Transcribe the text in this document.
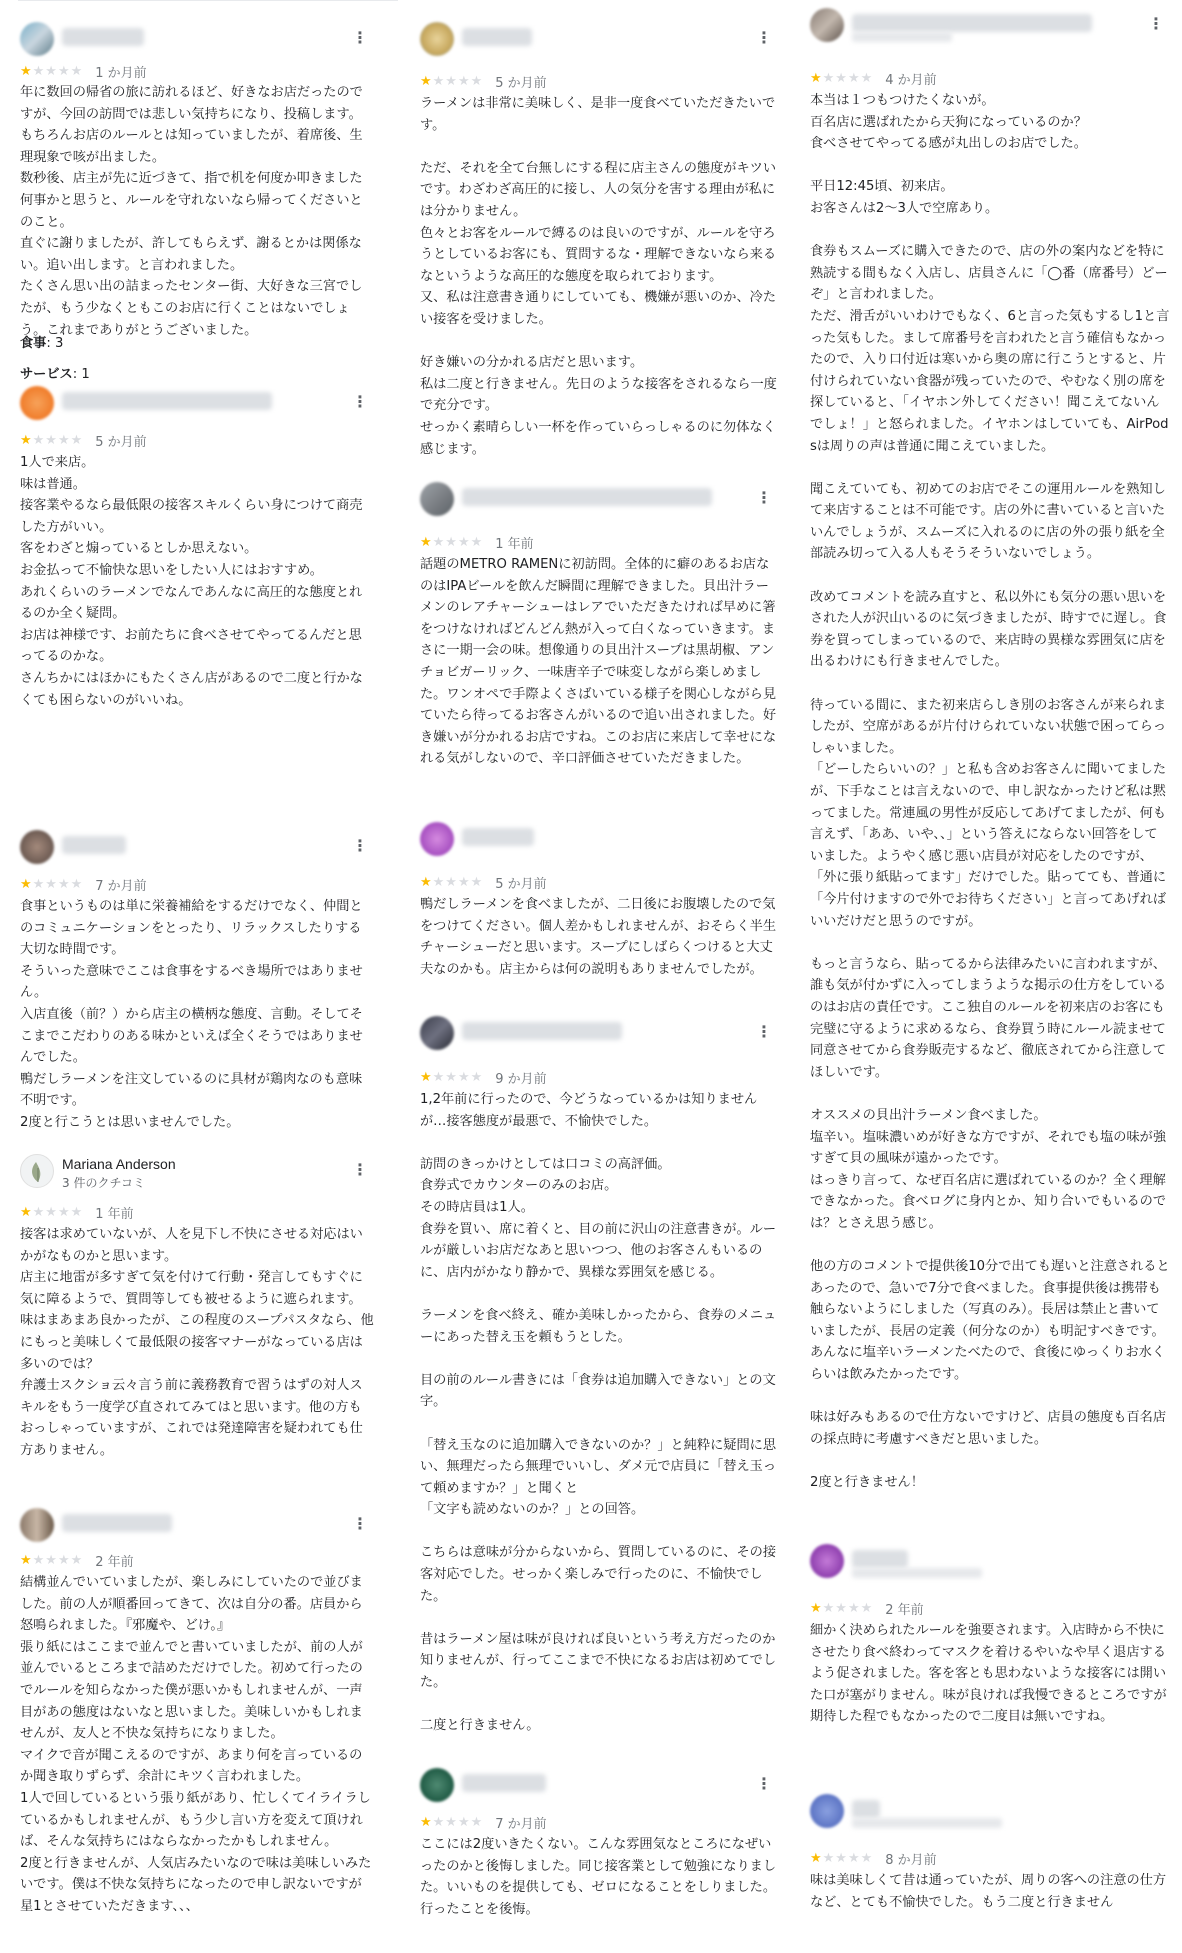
⋮
★★★★★ 1 か月前
年に数回の帰省の旅に訪れるほど、好きなお店だったのですが、今回の訪問では悲しい気持ちになり、投稿します。
もちろんお店のルールとは知っていましたが、着席後、生理現象で咳が出ました。
数秒後、店主が先に近づきて、指で机を何度か叩きました
何事かと思うと、ルールを守れないなら帰ってくださいとのこと。
直ぐに謝りましたが、許してもらえず、謝るとかは関係ない。追い出します。と言われました。
たくさん思い出の詰まったセンター街、大好きな三宮でしたが、もう少なくともこのお店に行くことはないでしょう。これまでありがとうございました。
食事: 3
サービス: 1
⋮
★★★★★ 5 か月前
1人で来店。
味は普通。
接客業やるなら最低限の接客スキルくらい身につけて商売した方がいい。
客をわざと煽っているとしか思えない。
お金払って不愉快な思いをしたい人にはおすすめ。
あれくらいのラーメンでなんであんなに高圧的な態度とれるのか全く疑問。
お店は神様です、お前たちに食べさせてやってるんだと思ってるのかな。
さんちかにはほかにもたくさん店があるので二度と行かなくても困らないのがいいね。
⋮
★★★★★ 7 か月前
食事というものは単に栄養補給をするだけでなく、仲間とのコミュニケーションをとったり、リラックスしたりする大切な時間です。
そういった意味でここは食事をするべき場所ではありません。
入店直後（前？）から店主の横柄な態度、言動。そしてそこまでこだわりのある味かといえば全くそうではありませんでした。
鴨だしラーメンを注文しているのに具材が鶏肉なのも意味不明です。
2度と行こうとは思いませんでした。
Mariana Anderson
3 件のクチコミ
⋮
★★★★★ 1 年前
接客は求めていないが、人を見下し不快にさせる対応はいかがなものかと思います。
店主に地雷が多すぎて気を付けて行動・発言してもすぐに気に障るようで、質問等しても被せるように遮られます。
味はまあまあ良かったが、この程度のスープパスタなら、他にもっと美味しくて最低限の接客マナーがなっている店は多いのでは？
弁護士スクショ云々言う前に義務教育で習うはずの対人スキルをもう一度学び直されてみてはと思います。他の方もおっしゃっていますが、これでは発達障害を疑われても仕方ありません。
⋮
★★★★★ 2 年前
結構並んでいていましたが、楽しみにしていたので並びました。前の人が順番回ってきて、次は自分の番。店員から怒鳴られました。『邪魔や、どけ。』
張り紙にはここまで並んでと書いていましたが、前の人が並んでいるところまで詰めただけでした。初めて行ったのでルールを知らなかった僕が悪いかもしれませんが、一声目があの態度はないなと思いました。美味しいかもしれませんが、友人と不快な気持ちになりました。
マイクで音が聞こえるのですが、あまり何を言っているのか聞き取りずらず、余計にキツく言われました。
1人で回しているという張り紙があり、忙しくてイライラしているかもしれませんが、もう少し言い方を変えて頂ければ、そんな気持ちにはならなかったかもしれません。
2度と行きませんが、人気店みたいなので味は美味しいみたいです。僕は不快な気持ちになったので申し訳ないですが星1とさせていただきます、、、
⋮
★★★★★ 5 か月前
ラーメンは非常に美味しく、是非一度食べていただきたいです。

ただ、それを全て台無しにする程に店主さんの態度がキツいです。わざわざ高圧的に接し、人の気分を害する理由が私には分かりません。
色々とお客をルールで縛るのは良いのですが、ルールを守ろうとしているお客にも、質問するな・理解できないなら来るなというような高圧的な態度を取られております。
又、私は注意書き通りにしていても、機嫌が悪いのか、冷たい接客を受けました。

好き嫌いの分かれる店だと思います。
私は二度と行きません。先日のような接客をされるなら一度で充分です。
せっかく素晴らしい一杯を作っていらっしゃるのに勿体なく感じます。
⋮
★★★★★ 1 年前
話題のMETRO RAMENに初訪問。全体的に癖のあるお店なのはIPAビールを飲んだ瞬間に理解できました。貝出汁ラーメンのレアチャーシューはレアでいただきたければ早めに箸をつけなければどんどん熱が入って白くなっていきます。まさに一期一会の味。想像通りの貝出汁スープは黒胡椒、アンチョビガーリック、一味唐辛子で味変しながら楽しめました。ワンオペで手際よくさばいている様子を関心しながら見ていたら待ってるお客さんがいるので追い出されました。好き嫌いが分かれるお店ですね。このお店に来店して幸せになれる気がしないので、辛口評価させていただきました。
★★★★★ 5 か月前
鴨だしラーメンを食べましたが、二日後にお腹壊したので気をつけてください。個人差かもしれませんが、おそらく半生チャーシューだと思います。スープにしばらくつけると大丈夫なのかも。店主からは何の説明もありませんでしたが。
⋮
★★★★★ 9 か月前
1,2年前に行ったので、今どうなっているかは知りませんが…接客態度が最悪で、不愉快でした。

訪問のきっかけとしては口コミの高評価。
食券式でカウンターのみのお店。
その時店員は1人。
食券を買い、席に着くと、目の前に沢山の注意書きが。ルールが厳しいお店だなあと思いつつ、他のお客さんもいるのに、店内がかなり静かで、異様な雰囲気を感じる。

ラーメンを食べ終え、確か美味しかったから、食券のメニューにあった替え玉を頼もうとした。

目の前のルール書きには「食券は追加購入できない」との文字。

「替え玉なのに追加購入できないのか？」と純粋に疑問に思い、無理だったら無理でいいし、ダメ元で店員に「替え玉って頼めますか？」と聞くと
「文字も読めないのか？」との回答。

こちらは意味が分からないから、質問しているのに、その接客対応でした。せっかく楽しみで行ったのに、不愉快でした。

昔はラーメン屋は味が良ければ良いという考え方だったのか知りませんが、行ってここまで不快になるお店は初めてでした。

二度と行きません。
⋮
★★★★★ 7 か月前
ここには2度いきたくない。こんな雰囲気なところになぜいったのかと後悔しました。同じ接客業として勉強になりました。いいものを提供しても、ゼロになることをしりました。行ったことを後悔。
⋮
★★★★★ 4 か月前
本当は１つもつけたくないが。
百名店に選ばれたから天狗になっているのか？
食べさせてやってる感が丸出しのお店でした。

平日12:45頃、初来店。
お客さんは2〜3人で空席あり。

食券もスムーズに購入できたので、店の外の案内などを特に熟読する間もなく入店し、店員さんに「◯番（席番号）どーぞ」と言われました。
ただ、滑舌がいいわけでもなく、6と言った気もするし1と言った気もした。まして席番号を言われたと言う確信もなかったので、入り口付近は寒いから奥の席に行こうとすると、片付けられていない食器が残っていたので、やむなく別の席を探していると、「イヤホン外してください！聞こえてないんでしょ！」と怒られました。イヤホンはしていても、AirPodsは周りの声は普通に聞こえていました。

聞こえていても、初めてのお店でそこの運用ルールを熟知して来店することは不可能です。店の外に書いていると言いたいんでしょうが、スムーズに入れるのに店の外の張り紙を全部読み切って入る人もそうそういないでしょう。

改めてコメントを読み直すと、私以外にも気分の悪い思いをされた人が沢山いるのに気づきましたが、時すでに遅し。食券を買ってしまっているので、来店時の異様な雰囲気に店を出るわけにも行きませんでした。

待っている間に、また初来店らしき別のお客さんが来られましたが、空席があるが片付けられていない状態で困ってらっしゃいました。
「どーしたらいいの？」と私も含めお客さんに聞いてましたが、下手なことは言えないので、申し訳なかったけど私は黙ってました。常連風の男性が反応してあげてましたが、何も言えず、「ああ、いや、、」という答えにならない回答をしていました。ようやく感じ悪い店員が対応をしたのですが、「外に張り紙貼ってます」だけでした。貼ってても、普通に「今片付けますので外でお待ちください」と言ってあげればいいだけだと思うのですが。

もっと言うなら、貼ってるから法律みたいに言われますが、誰も気が付かずに入ってしまうような掲示の仕方をしているのはお店の責任です。ここ独自のルールを初来店のお客にも完璧に守るように求めるなら、食券買う時にルール読ませて同意させてから食券販売するなど、徹底されてから注意してほしいです。

オススメの貝出汁ラーメン食べました。
塩辛い。塩味濃いめが好きな方ですが、それでも塩の味が強すぎて貝の風味が遠かったです。
はっきり言って、なぜ百名店に選ばれているのか？全く理解できなかった。食べログに身内とか、知り合いでもいるのでは？とさえ思う感じ。

他の方のコメントで提供後10分で出ても遅いと注意されるとあったので、急いで7分で食べました。食事提供後は携帯も触らないようにしました（写真のみ）。長居は禁止と書いていましたが、長居の定義（何分なのか）も明記すべきです。あんなに塩辛いラーメンたべたので、食後にゆっくりお水くらいは飲みたかったです。

味は好みもあるので仕方ないですけど、店員の態度も百名店の採点時に考慮すべきだと思いました。

2度と行きません！
★★★★★ 2 年前
細かく決められたルールを強要されます。入店時から不快にさせたり食べ終わってマスクを着けるやいなや早く退店するよう促されました。客を客とも思わないような接客には開いた口が塞がりません。味が良ければ我慢できるところですが期待した程でもなかったので二度目は無いですね。
★★★★★ 8 か月前
味は美味しくて昔は通っていたが、周りの客への注意の仕方など、とても不愉快でした。もう二度と行きません
